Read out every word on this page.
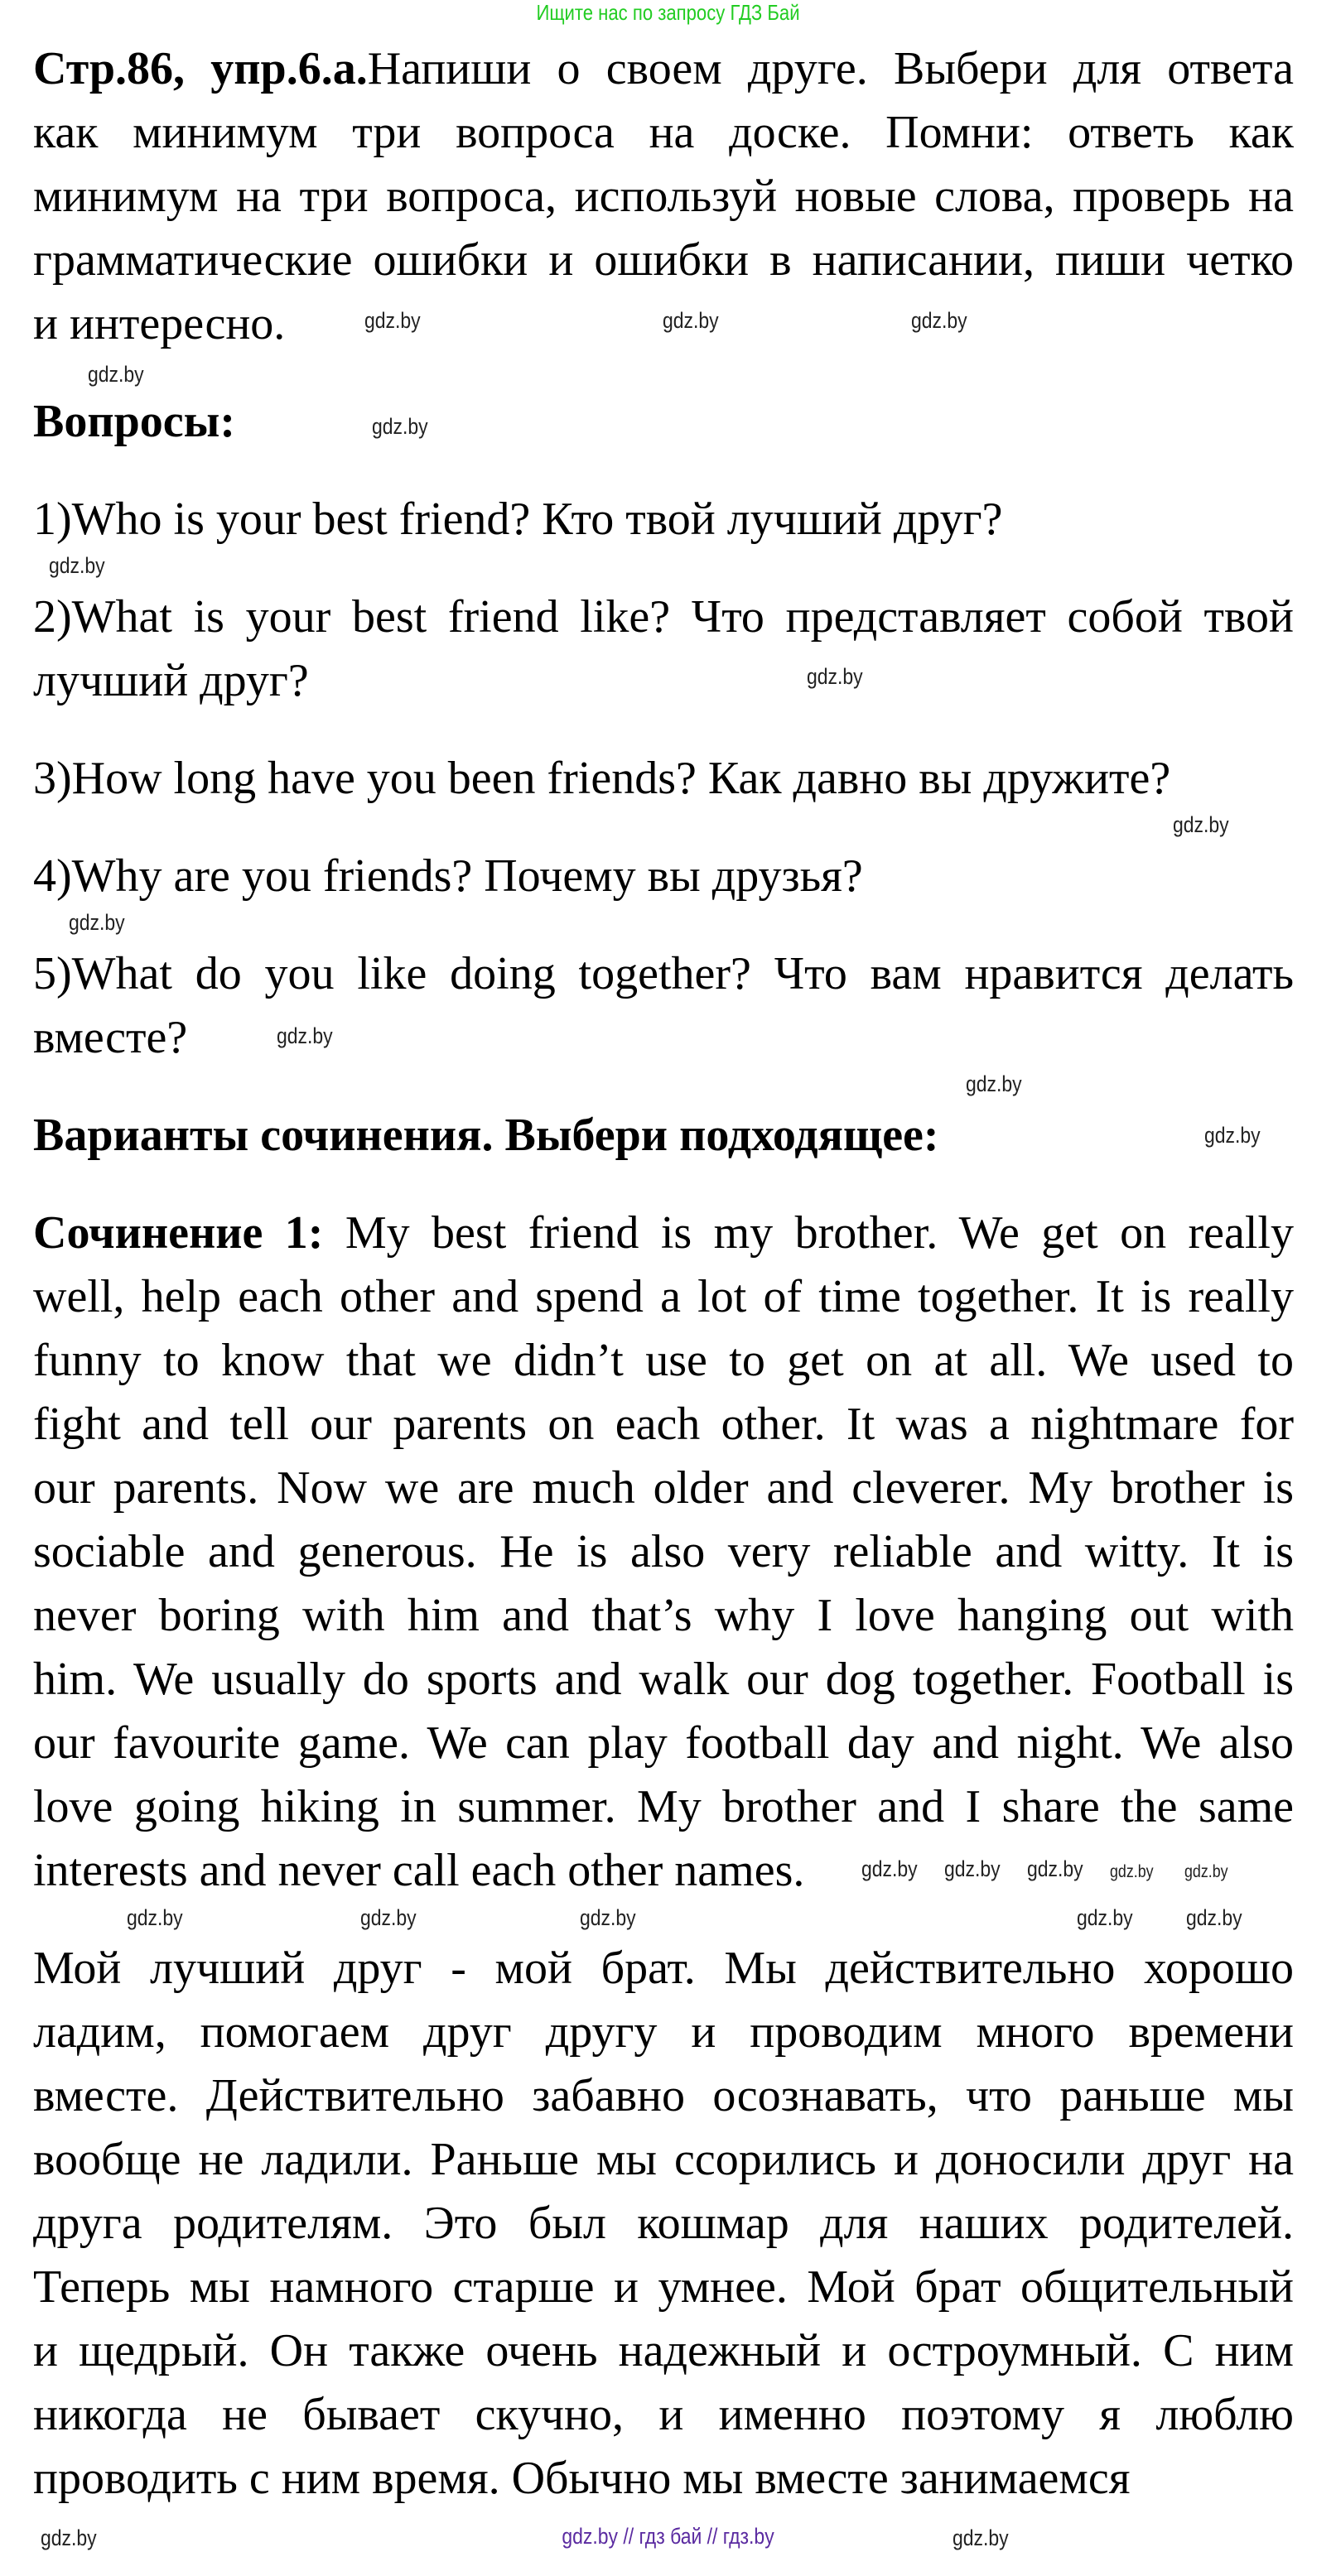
Ищите нас по запросу ГДЗ Бай
Стр.86, упр.6.а.Напиши о своем друге. Выбери для ответа
как минимум три вопроса на доске. Помни: ответь как
минимум на три вопроса, используй новые слова, проверь на
грамматические ошибки и ошибки в написании, пиши четко
и интересно.
Вопросы:
1)Who is your best friend? Кто твой лучший друг?
2)What is your best friend like? Что представляет собой твой
лучший друг?
3)How long have you been friends? Как давно вы дружите?
4)Why are you friends? Почему вы друзья?
5)What do you like doing together? Что вам нравится делать
вместе?
Варианты сочинения. Выбери подходящее:
Сочинение 1: My best friend is my brother. We get on really
well, help each other and spend a lot of time together. It is really
funny to know that we didn’t use to get on at all. We used to
fight and tell our parents on each other. It was a nightmare for
our parents. Now we are much older and cleverer. My brother is
sociable and generous. He is also very reliable and witty. It is
never boring with him and that’s why I love hanging out with
him. We usually do sports and walk our dog together. Football is
our favourite game. We can play football day and night. We also
love going hiking in summer. My brother and I share the same
interests and never call each other names.
Мой лучший друг - мой брат. Мы действительно хорошо
ладим, помогаем друг другу и проводим много времени
вместе. Действительно забавно осознавать, что раньше мы
вообще не ладили. Раньше мы ссорились и доносили друг на
друга родителям. Это был кошмар для наших родителей.
Теперь мы намного старше и умнее. Мой брат общительный
и щедрый. Он также очень надежный и остроумный. С ним
никогда не бывает скучно, и именно поэтому я люблю
проводить с ним время. Обычно мы вместе занимаемся
gdz.by	gdz.by
gdz.by
gdz.by
gdz.by
gdz.by
gdz.by
gdz.by
gdz.by
gdz.by
gdz.by
gdz.by
gdz.by gdz.by gdz.by gdz.by
gdz.by
gdz.by	gdz.by
gdz.by	gdz.by	gdz.by
gdz.by	gdz.by
gdz.by // гдз бай // гдз.by
